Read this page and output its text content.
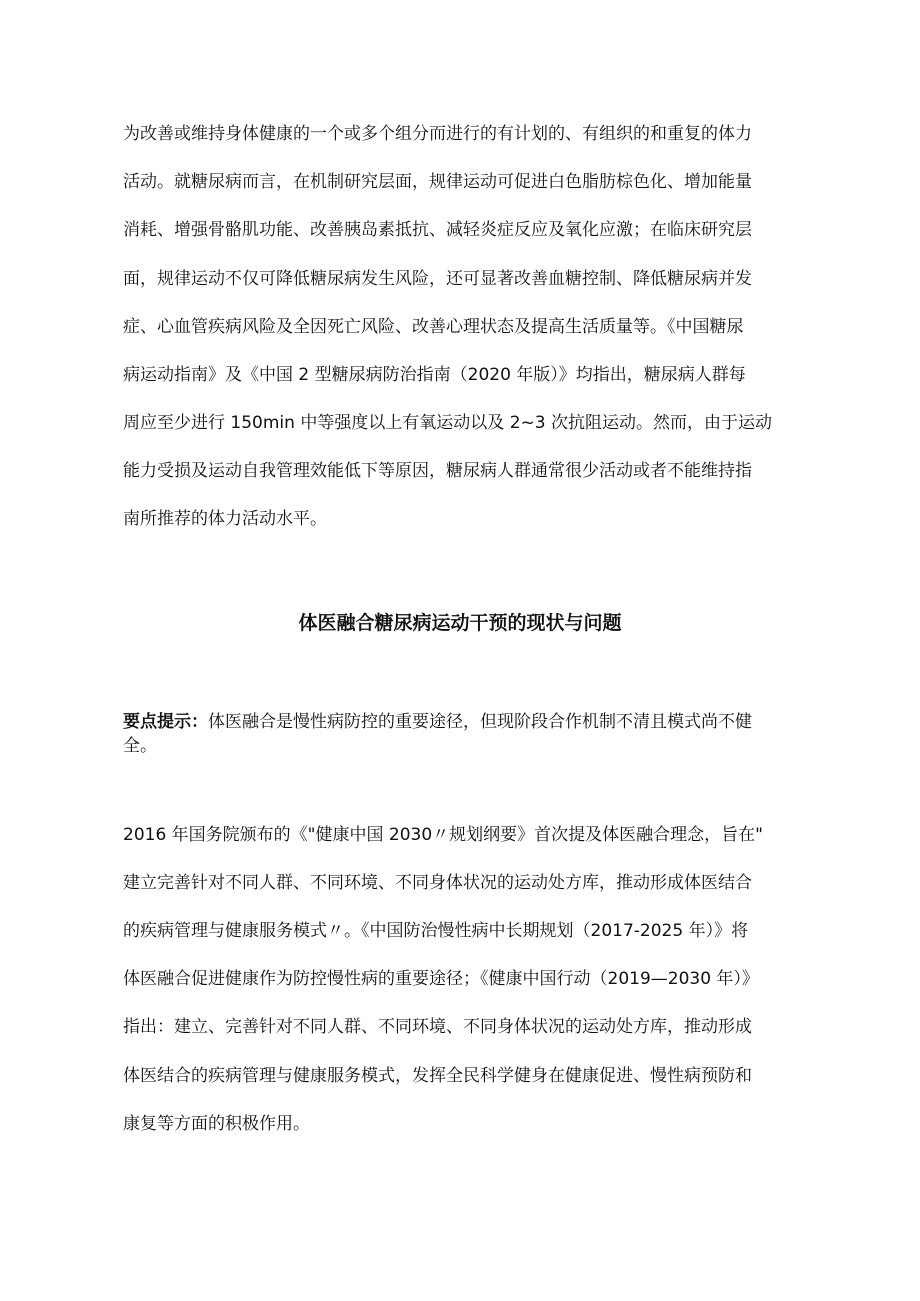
为改善或维持身体健康的一个或多个组分而进行的有计划的、有组织的和重复的体力

活动。就糖尿病而言，在机制研究层面，规律运动可促进白色脂肪棕色化、增加能量

消耗、增强骨骼肌功能、改善胰岛素抵抗、减轻炎症反应及氧化应激；在临床研究层

面，规律运动不仅可降低糖尿病发生风险，还可显著改善血糖控制、降低糖尿病并发

症、心血管疾病风险及全因死亡风险、改善心理状态及提高生活质量等。《中国糖尿

病运动指南》及《中国 2 型糖尿病防治指南（2020 年版）》均指出，糖尿病人群每

周应至少进行 150min 中等强度以上有氧运动以及 2~3 次抗阻运动。然而，由于运动

能力受损及运动自我管理效能低下等原因，糖尿病人群通常很少活动或者不能维持指

南所推荐的体力活动水平。

体医融合糖尿病运动干预的现状与问题

要点提示：体医融合是慢性病防控的重要途径，但现阶段合作机制不清且模式尚不健

全。

2016 年国务院颁布的《"健康中国 2030〃规划纲要》首次提及体医融合理念，旨在"

建立完善针对不同人群、不同环境、不同身体状况的运动处方库，推动形成体医结合

的疾病管理与健康服务模式〃。《中国防治慢性病中长期规划（2017-2025 年）》将

体医融合促进健康作为防控慢性病的重要途径；《健康中国行动（2019—2030 年）》

指出：建立、完善针对不同人群、不同环境、不同身体状况的运动处方库，推动形成

体医结合的疾病管理与健康服务模式，发挥全民科学健身在健康促进、慢性病预防和

康复等方面的积极作用。
